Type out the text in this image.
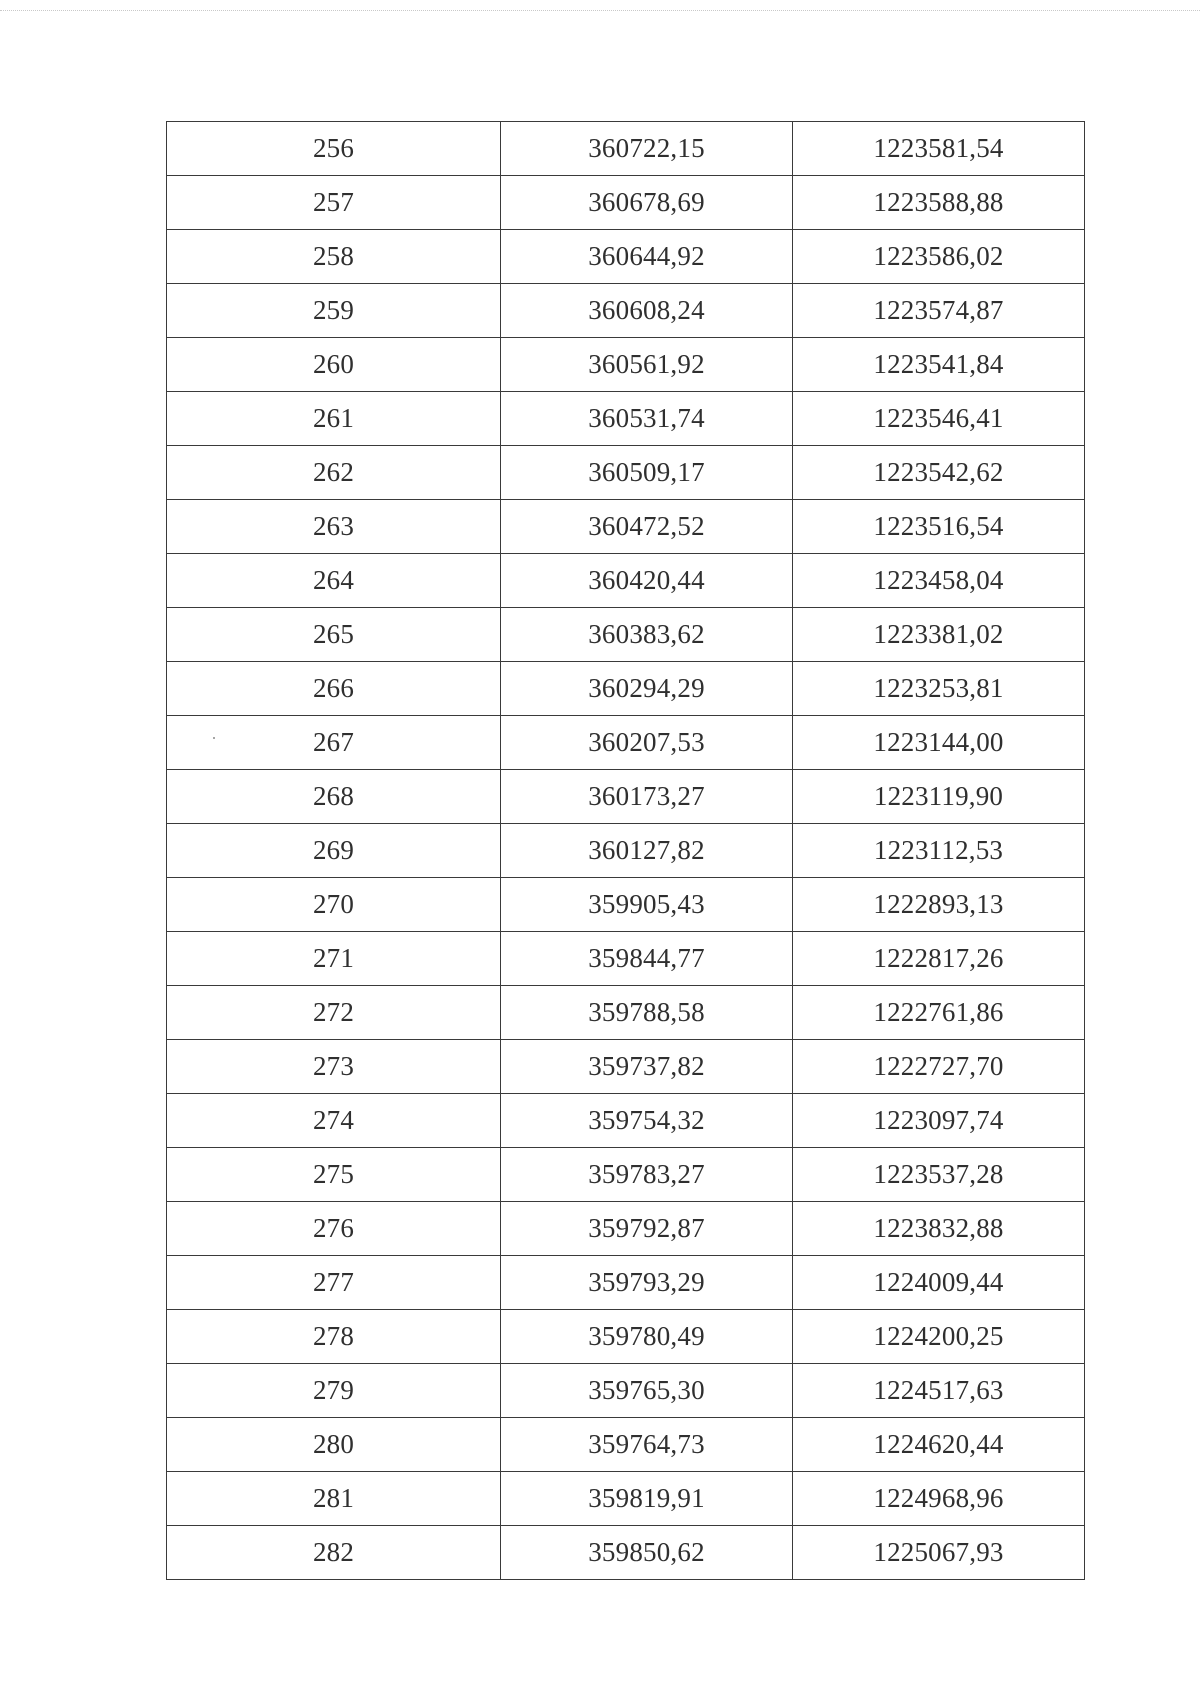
256	360722,15	1223581,54
257	360678,69	1223588,88
258	360644,92	1223586,02
259	360608,24	1223574,87
260	360561,92	1223541,84
261	360531,74	1223546,41
262	360509,17	1223542,62
263	360472,52	1223516,54
264	360420,44	1223458,04
265	360383,62	1223381,02
266	360294,29	1223253,81
267	360207,53	1223144,00
268	360173,27	1223119,90
269	360127,82	1223112,53
270	359905,43	1222893,13
271	359844,77	1222817,26
272	359788,58	1222761,86
273	359737,82	1222727,70
274	359754,32	1223097,74
275	359783,27	1223537,28
276	359792,87	1223832,88
277	359793,29	1224009,44
278	359780,49	1224200,25
279	359765,30	1224517,63
280	359764,73	1224620,44
281	359819,91	1224968,96
282	359850,62	1225067,93
